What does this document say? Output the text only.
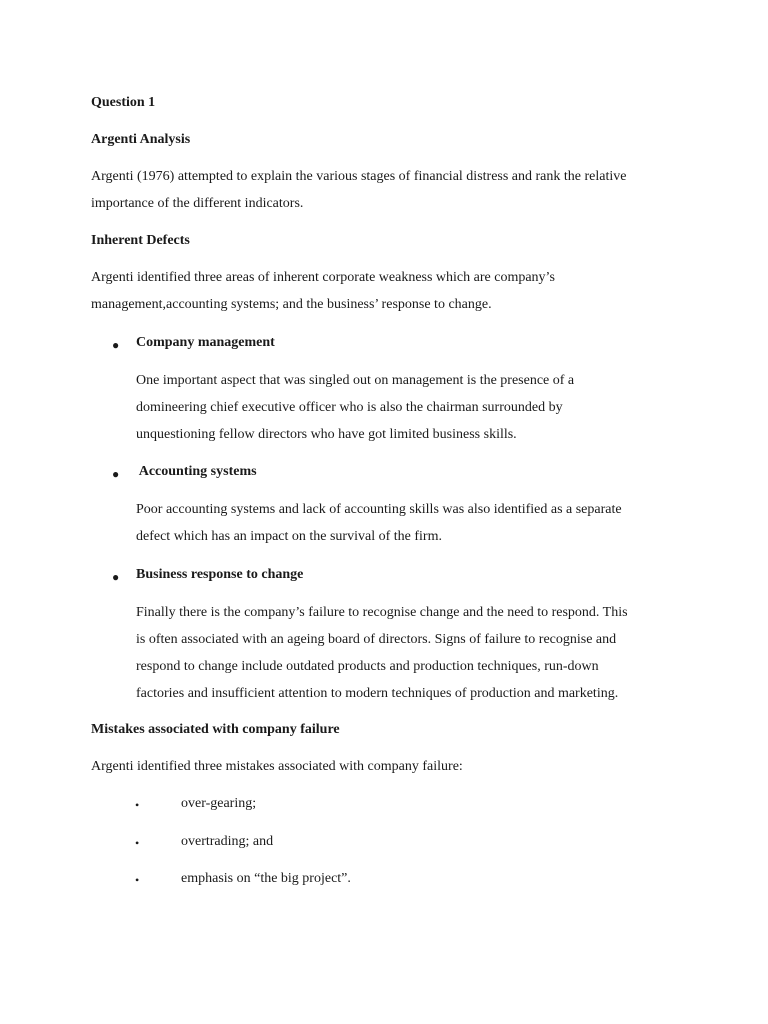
Question 1

Argenti Analysis

Argenti (1976) attempted to explain the various stages of financial distress and rank the relative
importance of the different indicators.

Inherent Defects

Argenti identified three areas of inherent corporate weakness which are company’s
management,accounting systems; and the business’ response to change.
● Company management

One important aspect that was singled out on management is the presence of a
domineering chief executive officer who is also the chairman surrounded by
unquestioning fellow directors who have got limited business skills.
● Accounting systems

Poor accounting systems and lack of accounting skills was also identified as a separate
defect which has an impact on the survival of the firm.
● Business response to change

Finally there is the company’s failure to recognise change and the need to respond. This
is often associated with an ageing board of directors. Signs of failure to recognise and
respond to change include outdated products and production techniques, run-down
factories and insufficient attention to modern techniques of production and marketing.

Mistakes associated with company failure

Argenti identified three mistakes associated with company failure:

•	over-gearing;

•	overtrading; and

•	emphasis on “the big project”.
